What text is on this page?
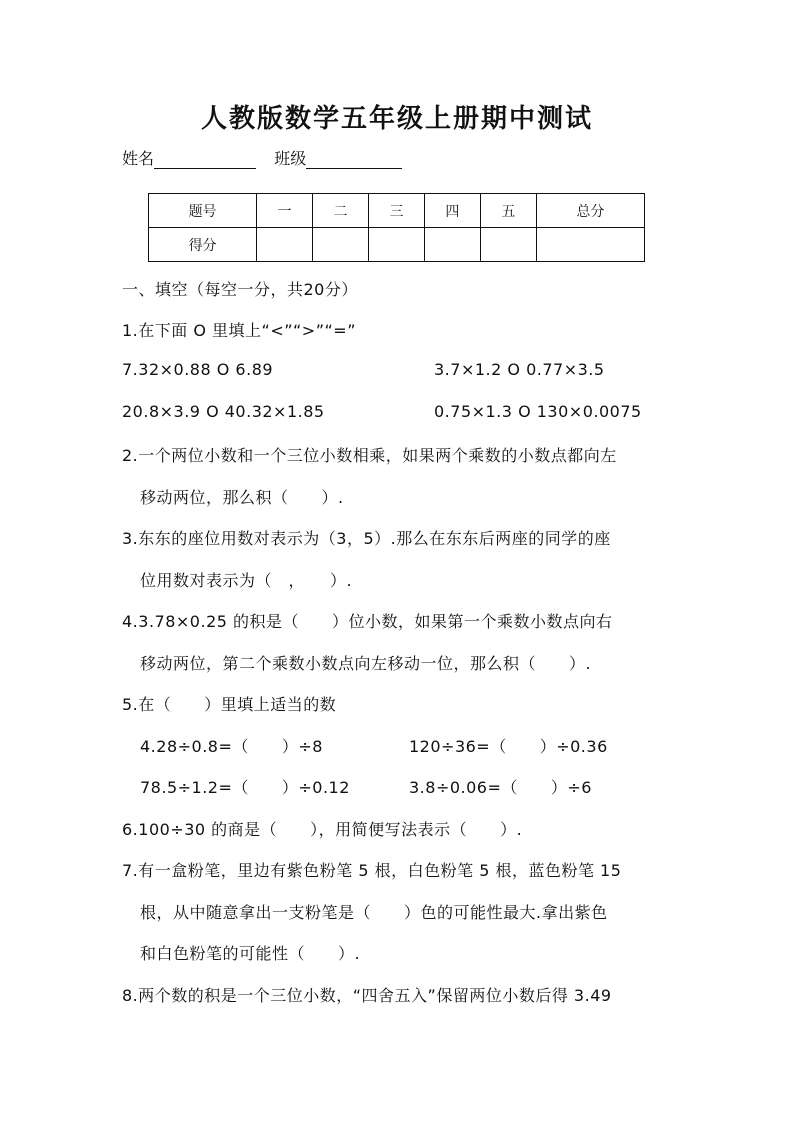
人教版数学五年级上册期中测试
姓名	班级
题号	一	二	三	四	五	总分
得分						
一、填空（每空一分，共20分）
1.在下面 O 里填上“<”“>”“=”
7.32×0.88 O 6.89	3.7×1.2 O 0.77×3.5
20.8×3.9 O 40.32×1.85	0.75×1.3 O 130×0.0075
2.一个两位小数和一个三位小数相乘，如果两个乘数的小数点都向左
移动两位，那么积（　　）.
3.东东的座位用数对表示为（3，5）.那么在东东后两座的同学的座
位用数对表示为（　，　　）.
4.3.78×0.25 的积是（　　）位小数，如果第一个乘数小数点向右
移动两位，第二个乘数小数点向左移动一位，那么积（　　）.
5.在（　　）里填上适当的数
4.28÷0.8=（　　）÷8	120÷36=（　　）÷0.36
78.5÷1.2=（　　）÷0.12	3.8÷0.06=（　　）÷6
6.100÷30 的商是（　　），用简便写法表示（　　）.
7.有一盒粉笔，里边有紫色粉笔 5 根，白色粉笔 5 根，蓝色粉笔 15
根，从中随意拿出一支粉笔是（　　）色的可能性最大.拿出紫色
和白色粉笔的可能性（　　）.
8.两个数的积是一个三位小数，“四舍五入”保留两位小数后得 3.49
